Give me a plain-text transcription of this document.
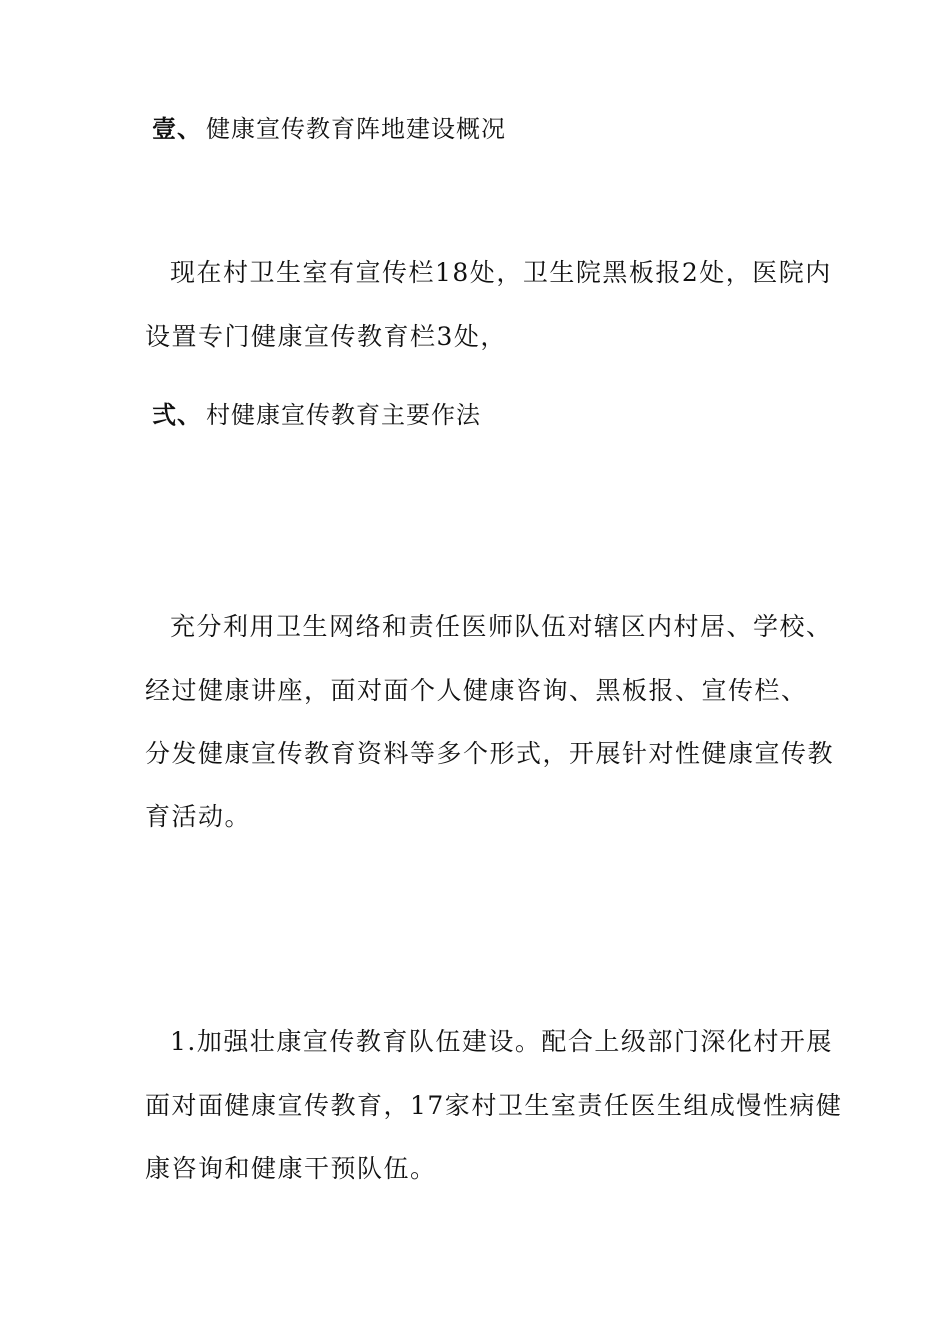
壹、 健康宣传教育阵地建设概况
现在村卫生室有宣传栏18处，卫生院黑板报2处，医院内
设置专门健康宣传教育栏3处，
弍、 村健康宣传教育主要作法
充分利用卫生网络和责任医师队伍对辖区内村居、学校、
经过健康讲座，面对面个人健康咨询、黑板报、宣传栏、
分发健康宣传教育资料等多个形式，开展针对性健康宣传教
育活动。
1.加强壮康宣传教育队伍建设。配合上级部门深化村开展
面对面健康宣传教育，17家村卫生室责任医生组成慢性病健
康咨询和健康干预队伍。
